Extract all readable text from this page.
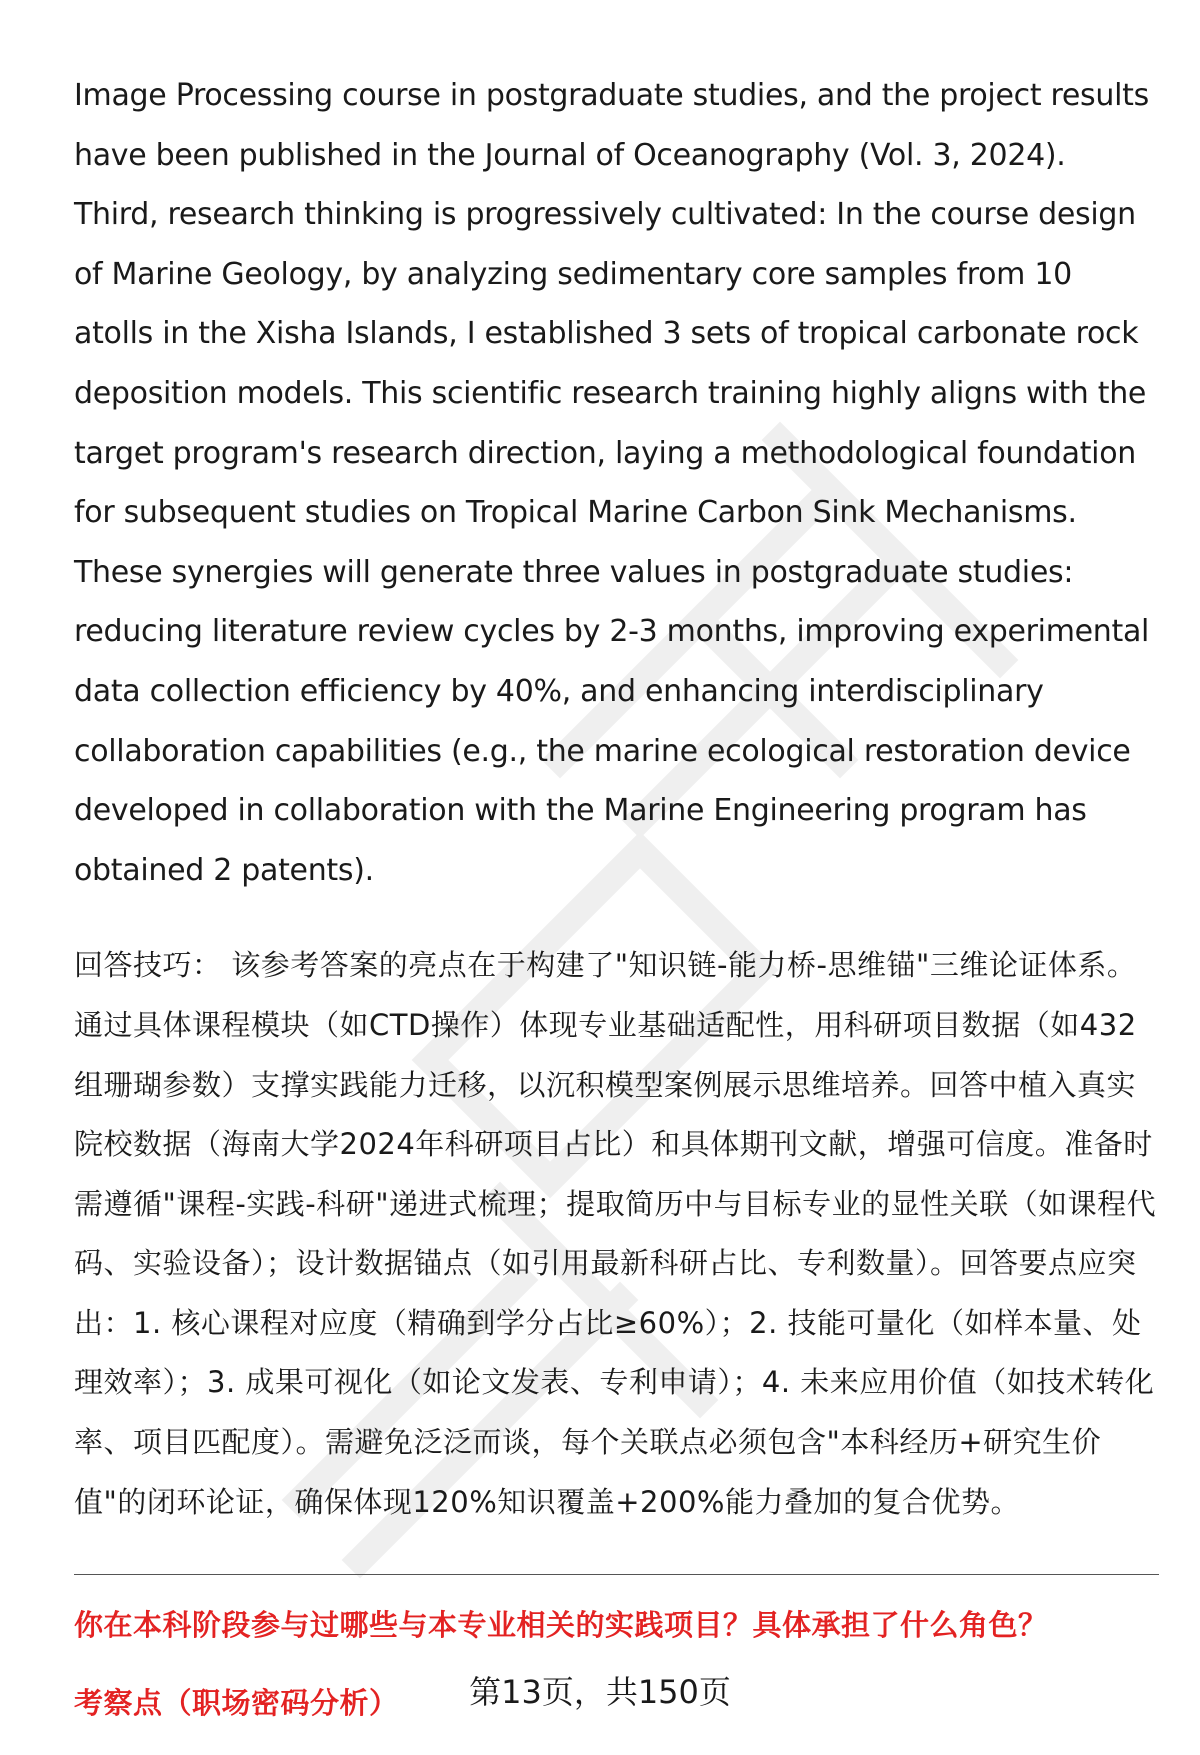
Image Processing course in postgraduate studies, and the project results have been published in the Journal of Oceanography (Vol. 3, 2024). Third, research thinking is progressively cultivated: In the course design of Marine Geology, by analyzing sedimentary core samples from 10 atolls in the Xisha Islands, I established 3 sets of tropical carbonate rock deposition models. This scientific research training highly aligns with the target program's research direction, laying a methodological foundation for subsequent studies on Tropical Marine Carbon Sink Mechanisms. These synergies will generate three values in postgraduate studies: reducing literature review cycles by 2-3 months, improving experimental data collection efficiency by 40%, and enhancing interdisciplinary collaboration capabilities (e.g., the marine ecological restoration device developed in collaboration with the Marine Engineering program has obtained 2 patents).

回答技巧： 该参考答案的亮点在于构建了"知识链-能力桥-思维锚"三维论证体系。通过具体课程模块（如CTD操作）体现专业基础适配性，用科研项目数据（如432组珊瑚参数）支撑实践能力迁移，以沉积模型案例展示思维培养。回答中植入真实院校数据（海南大学2024年科研项目占比）和具体期刊文献，增强可信度。准备时需遵循"课程-实践-科研"递进式梳理；提取简历中与目标专业的显性关联（如课程代码、实验设备）；设计数据锚点（如引用最新科研占比、专利数量）。回答要点应突出：1. 核心课程对应度（精确到学分占比≥60%）；2. 技能可量化（如样本量、处理效率）；3. 成果可视化（如论文发表、专利申请）；4. 未来应用价值（如技术转化率、项目匹配度）。需避免泛泛而谈，每个关联点必须包含"本科经历+研究生价值"的闭环论证，确保体现120%知识覆盖+200%能力叠加的复合优势。

你在本科阶段参与过哪些与本专业相关的实践项目？具体承担了什么角色？

考察点（职场密码分析）	第13页，共150页
